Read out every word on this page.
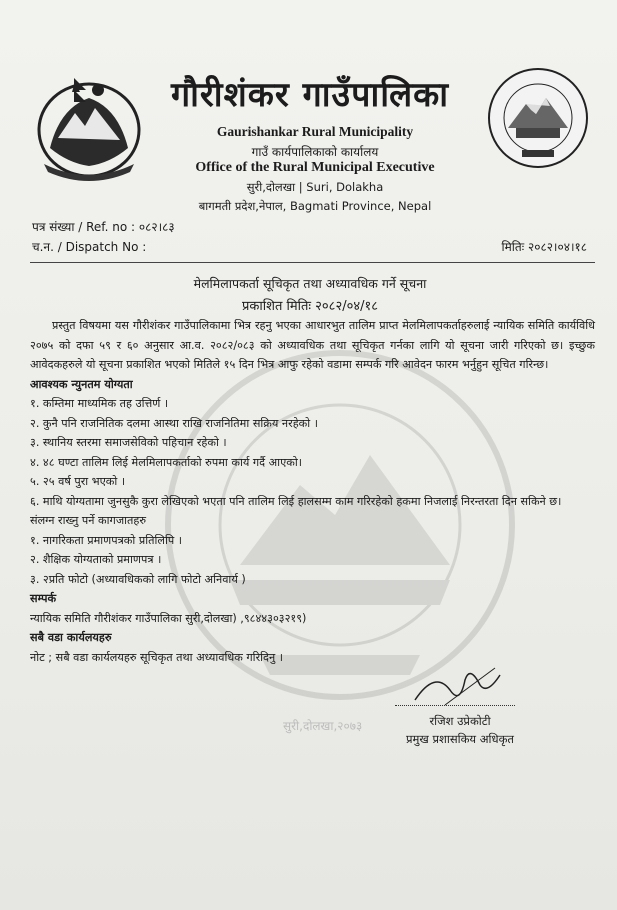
गौरीशंकर गाउँपालिका
Gaurishankar Rural Municipality
गाउँ कार्यपालिकाको कार्यालय
Office of the Rural Municipal Executive
सुरी,दोलखा | Suri, Dolakha
बागमती प्रदेश,नेपाल, Bagmati Province, Nepal
पत्र संख्या / Ref. no : ०८२।८३
च.न. / Dispatch No :	मितिः २०८२।०४।१८
मेलमिलापकर्ता सूचिकृत तथा अध्यावधिक गर्ने सूचना
प्रकाशित मितिः २०८२/०४/१८

प्रस्तुत विषयमा यस गौरीशंकर गाउँपालिकामा भित्र रहनु भएका आधारभुत तालिम प्राप्त मेलमिलापकर्ताहरुलाई न्यायिक समिति कार्यविधि २०७५ को दफा ५९ र ६० अनुसार आ.व. २०८२/०८३ को अध्यावधिक तथा सूचिकृत गर्नका लागि यो सूचना जारी गरिएको छ। इच्छुक आवेदकहरुले यो सूचना प्रकाशित भएको मितिले १५ दिन भित्र आफु रहेको वडामा सम्पर्क गरि आवेदन फारम भर्नुहुन सूचित गरिन्छ।

आवश्यक न्युनतम योग्यता

१. कम्तिमा माध्यमिक तह उत्तिर्ण ।

२. कुनै पनि राजनितिक दलमा आस्था राखि राजनितिमा सक्रिय नरहेको ।

३. स्थानिय स्तरमा समाजसेविको पहिचान रहेको ।

४. ४८ घण्टा तालिम लिई मेलमिलापकर्ताको रुपमा कार्य गर्दै आएको।

५. २५ वर्ष पुरा भएको ।

६. माथि योग्यतामा जुनसुकै कुरा लेखिएको भएता पनि तालिम लिई हालसम्म काम गरिरहेको हकमा निजलाई निरन्तरता दिन सकिने छ।

संलग्न राख्नु पर्ने कागजातहरु

१. नागरिकता प्रमाणपत्रको प्रतिलिपि ।

२. शैक्षिक योग्यताको प्रमाणपत्र ।

३. २प्रति फोटो (अध्यावधिकको लागि फोटो अनिवार्य )

सम्पर्क

न्यायिक समिति गौरीशंकर गाउँपालिका सुरी,दोलखा) ,९८४४३०३२१९)

सबै वडा कार्यलयहरु

नोट ; सबै वडा कार्यलयहरु सूचिकृत तथा अध्यावधिक गरिदिनु ।

सुरी,दोलखा,२०७३	रजिश उप्रेकोटी
प्रमुख प्रशासकिय अधिकृत
